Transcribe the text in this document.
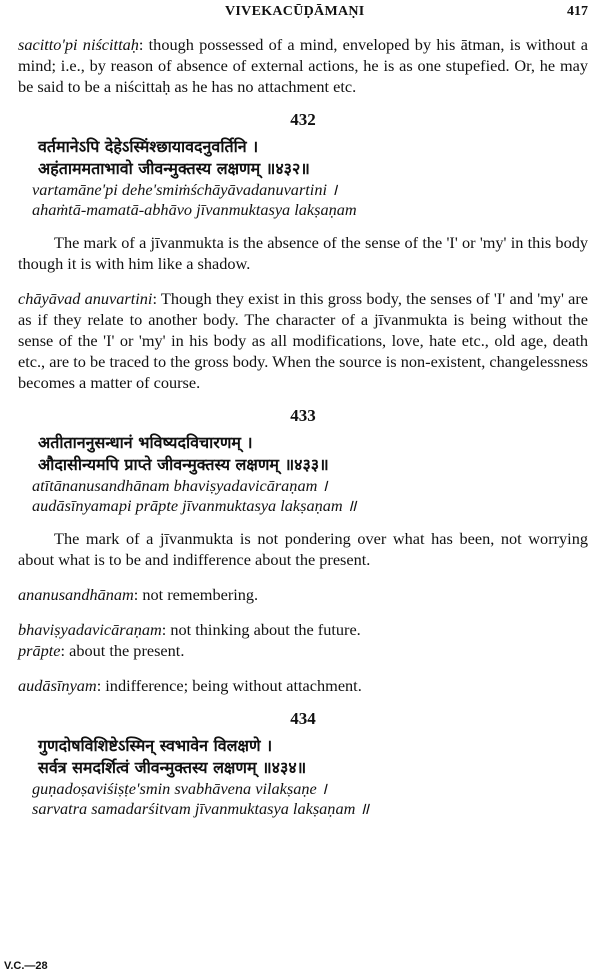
VIVEKACŪḌĀMAṆI	417

sacitto'pi niścittaḥ: though possessed of a mind, enveloped by his ātman, is without a mind; i.e., by reason of absence of external actions, he is as one stupefied. Or, he may be said to be a niścittaḥ as he has no attachment etc.

432
वर्तमानेऽपि देहेऽस्मिंश्छायावदनुवर्तिनि ।
अहंताममताभावो जीवन्मुक्तस्य लक्षणम् ॥४३२॥
vartamāne'pi dehe'smiṁśchāyāvadanuvartini ।
ahaṁtā-mamatā-abhāvo jīvanmuktasya lakṣaṇam

The mark of a jīvanmukta is the absence of the sense of the 'I' or 'my' in this body though it is with him like a shadow.

chāyāvad anuvartini: Though they exist in this gross body, the senses of 'I' and 'my' are as if they relate to another body. The character of a jīvanmukta is being without the sense of the 'I' or 'my' in his body as all modifications, love, hate etc., old age, death etc., are to be traced to the gross body. When the source is non-existent, changelessness becomes a matter of course.

433
अतीताननुसन्धानं भविष्यदविचारणम् ।
औदासीन्यमपि प्राप्ते जीवन्मुक्तस्य लक्षणम् ॥४३३॥
atītānanusandhānam bhaviṣyadavicāraṇam ।
audāsīnyamapi prāpte jīvanmuktasya lakṣaṇam ॥

The mark of a jīvanmukta is not pondering over what has been, not worrying about what is to be and indifference about the present.

ananusandhānam: not remembering.

bhaviṣyadavicāraṇam: not thinking about the future.

prāpte: about the present.

audāsīnyam: indifference; being without attachment.

434
गुणदोषविशिष्टेऽस्मिन् स्वभावेन विलक्षणे ।
सर्वत्र समदर्शित्वं जीवन्मुक्तस्य लक्षणम् ॥४३४॥
guṇadoṣaviśiṣṭe'smin svabhāvena vilakṣaṇe ।
sarvatra samadarśitvam jīvanmuktasya lakṣaṇam ॥
V.C.—28
